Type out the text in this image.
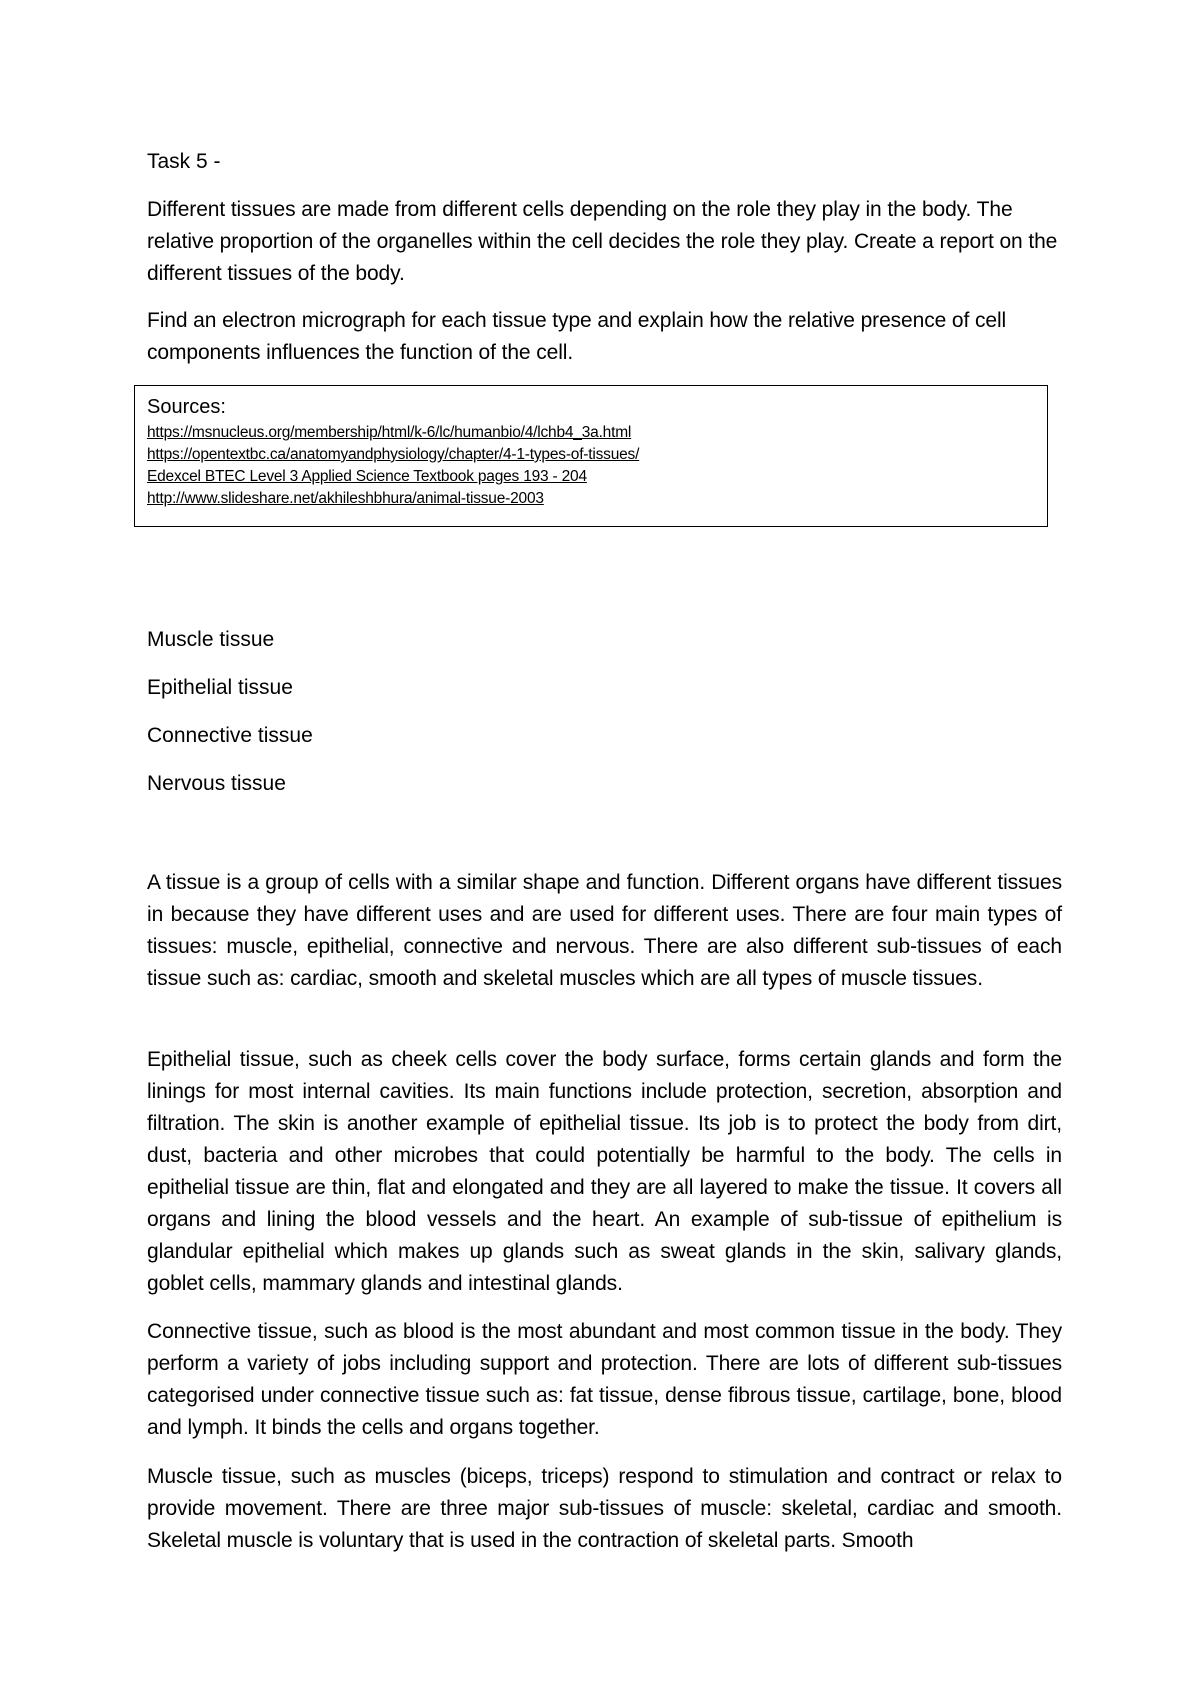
Task 5 -

Different tissues are made from different cells depending on the role they play in the body. The relative proportion of the organelles within the cell decides the role they play. Create a report on the different tissues of the body.

Find an electron micrograph for each tissue type and explain how the relative presence of cell components influences the function of the cell.

Sources:
https://msnucleus.org/membership/html/k-6/lc/humanbio/4/lchb4_3a.html
https://opentextbc.ca/anatomyandphysiology/chapter/4-1-types-of-tissues/
Edexcel BTEC Level 3 Applied Science Textbook pages 193 - 204
http://www.slideshare.net/akhileshbhura/animal-tissue-2003
Muscle tissue
Epithelial tissue
Connective tissue
Nervous tissue

A tissue is a group of cells with a similar shape and function. Different organs have different tissues in because they have different uses and are used for different uses. There are four main types of tissues: muscle, epithelial, connective and nervous. There are also different sub-tissues of each tissue such as: cardiac, smooth and skeletal muscles which are all types of muscle tissues.

Epithelial tissue, such as cheek cells cover the body surface, forms certain glands and form the linings for most internal cavities. Its main functions include protection, secretion, absorption and filtration. The skin is another example of epithelial tissue. Its job is to protect the body from dirt, dust, bacteria and other microbes that could potentially be harmful to the body. The cells in epithelial tissue are thin, flat and elongated and they are all layered to make the tissue. It covers all organs and lining the blood vessels and the heart. An example of sub-tissue of epithelium is glandular epithelial which makes up glands such as sweat glands in the skin, salivary glands, goblet cells, mammary glands and intestinal glands.

Connective tissue, such as blood is the most abundant and most common tissue in the body. They perform a variety of jobs including support and protection. There are lots of different sub-tissues categorised under connective tissue such as: fat tissue, dense fibrous tissue, cartilage, bone, blood and lymph. It binds the cells and organs together.

Muscle tissue, such as muscles (biceps, triceps) respond to stimulation and contract or relax to provide movement. There are three major sub-tissues of muscle: skeletal, cardiac and smooth. Skeletal muscle is voluntary that is used in the contraction of skeletal parts. Smooth
